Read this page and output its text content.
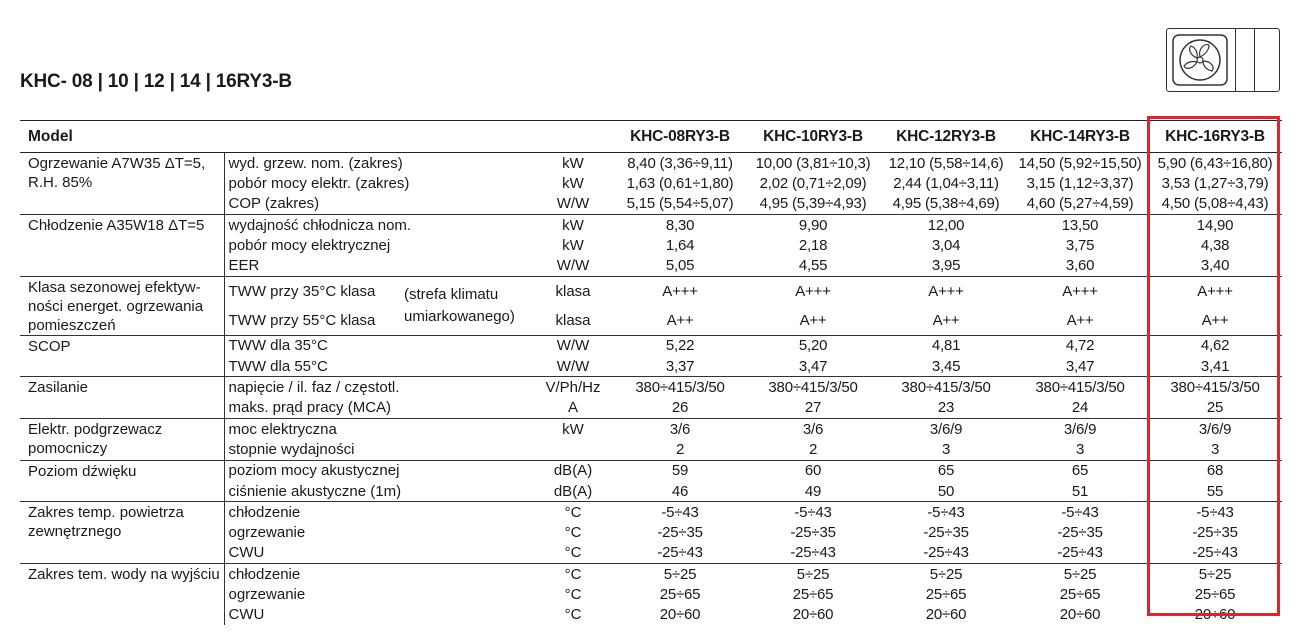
KHC- 08 | 10 | 12 | 14 | 16RY3-B
Model				KHC-08RY3-B	KHC-10RY3-B	KHC-12RY3-B	KHC-14RY3-B	KHC-16RY3-B
Ogrzewanie A7W35 ΔT=5, R.H. 85%	wyd. grzew. nom. (zakres)		kW	8,40 (3,36÷9,11)	10,00 (3,81÷10,3)	12,10 (5,58÷14,6)	14,50 (5,92÷15,50)	5,90 (6,43÷16,80)
	pobór mocy elektr. (zakres)		kW	1,63 (0,61÷1,80)	2,02 (0,71÷2,09)	2,44 (1,04÷3,11)	3,15 (1,12÷3,37)	3,53 (1,27÷3,79)
	COP (zakres)		W/W	5,15 (5,54÷5,07)	4,95 (5,39÷4,93)	4,95 (5,38÷4,69)	4,60 (5,27÷4,59)	4,50 (5,08÷4,43)
Chłodzenie A35W18 ΔT=5	wydajność chłodnicza nom.		kW	8,30	9,90	12,00	13,50	14,90
	pobór mocy elektrycznej		kW	1,64	2,18	3,04	3,75	4,38
	EER		W/W	5,05	4,55	3,95	3,60	3,40
Klasa sezonowej efektyw-ności energet. ogrzewania pomieszczeń	TWW przy 35°C klasa	(strefa klimatu umiarkowanego)	klasa	A+++	A+++	A+++	A+++	A+++
	TWW przy 55°C klasa		klasa	A++	A++	A++	A++	A++
SCOP	TWW dla 35°C		W/W	5,22	5,20	4,81	4,72	4,62
	TWW dla 55°C		W/W	3,37	3,47	3,45	3,47	3,41
Zasilanie	napięcie / il. faz / częstotl.		V/Ph/Hz	380÷415/3/50	380÷415/3/50	380÷415/3/50	380÷415/3/50	380÷415/3/50
	maks. prąd pracy (MCA)		A	26	27	23	24	25
Elektr. podgrzewacz pomocniczy	moc elektryczna		kW	3/6	3/6	3/6/9	3/6/9	3/6/9
	stopnie wydajności			2	2	3	3	3
Poziom dźwięku	poziom mocy akustycznej		dB(A)	59	60	65	65	68
	ciśnienie akustyczne (1m)		dB(A)	46	49	50	51	55
Zakres temp. powietrza zewnętrznego	chłodzenie		°C	-5÷43	-5÷43	-5÷43	-5÷43	-5÷43
	ogrzewanie		°C	-25÷35	-25÷35	-25÷35	-25÷35	-25÷35
	CWU		°C	-25÷43	-25÷43	-25÷43	-25÷43	-25÷43
Zakres tem. wody na wyjściu	chłodzenie		°C	5÷25	5÷25	5÷25	5÷25	5÷25
	ogrzewanie		°C	25÷65	25÷65	25÷65	25÷65	25÷65
	CWU		°C	20÷60	20÷60	20÷60	20÷60	20÷60
